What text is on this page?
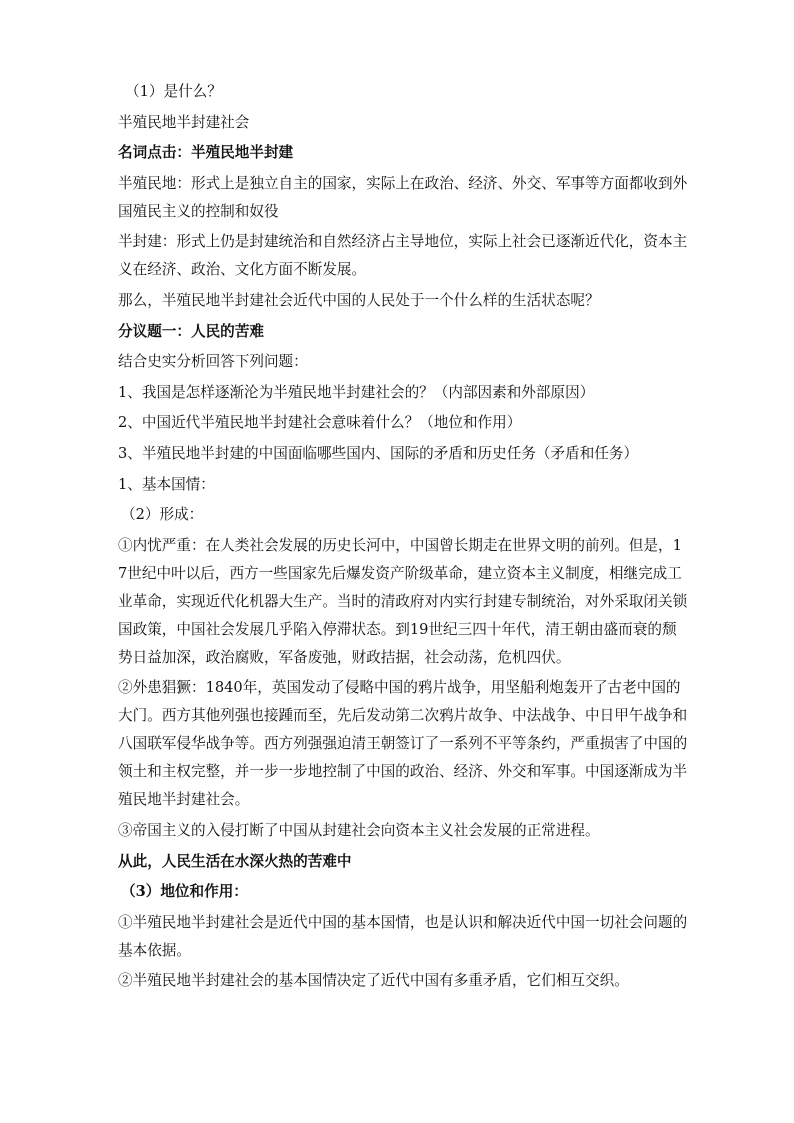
（1）是什么？

半殖民地半封建社会

名词点击：半殖民地半封建

半殖民地：形式上是独立自主的国家，实际上在政治、经济、外交、军事等方面都收到外国殖民主义的控制和奴役

半封建：形式上仍是封建统治和自然经济占主导地位，实际上社会已逐渐近代化，资本主义在经济、政治、文化方面不断发展。

那么，半殖民地半封建社会近代中国的人民处于一个什么样的生活状态呢？

分议题一：人民的苦难

结合史实分析回答下列问题：

1、我国是怎样逐渐沦为半殖民地半封建社会的？（内部因素和外部原因）

2、中国近代半殖民地半封建社会意味着什么？（地位和作用）

3、半殖民地半封建的中国面临哪些国内、国际的矛盾和历史任务（矛盾和任务）

1、基本国情：

（2）形成：

①内忧严重：在人类社会发展的历史长河中，中国曾长期走在世界文明的前列。但是，17世纪中叶以后，西方一些国家先后爆发资产阶级革命，建立资本主义制度，相继完成工业革命，实现近代化机器大生产。当时的清政府对内实行封建专制统治，对外采取闭关锁国政策，中国社会发展几乎陷入停滞状态。到19世纪三四十年代，清王朝由盛而衰的颓势日益加深，政治腐败，军备废弛，财政拮据，社会动荡，危机四伏。

②外患猖獗：1840年，英国发动了侵略中国的鸦片战争，用坚船利炮轰开了古老中国的大门。西方其他列强也接踵而至，先后发动第二次鸦片故争、中法战争、中日甲午战争和八国联军侵华战争等。西方列强强迫清王朝签订了一系列不平等条约，严重损害了中国的领土和主权完整，并一步一步地控制了中国的政治、经济、外交和军事。中国逐渐成为半殖民地半封建社会。

③帝国主义的入侵打断了中国从封建社会向资本主义社会发展的正常进程。

从此，人民生活在水深火热的苦难中

（3）地位和作用：

①半殖民地半封建社会是近代中国的基本国情，也是认识和解决近代中国一切社会问题的基本依据。

②半殖民地半封建社会的基本国情决定了近代中国有多重矛盾，它们相互交织。
